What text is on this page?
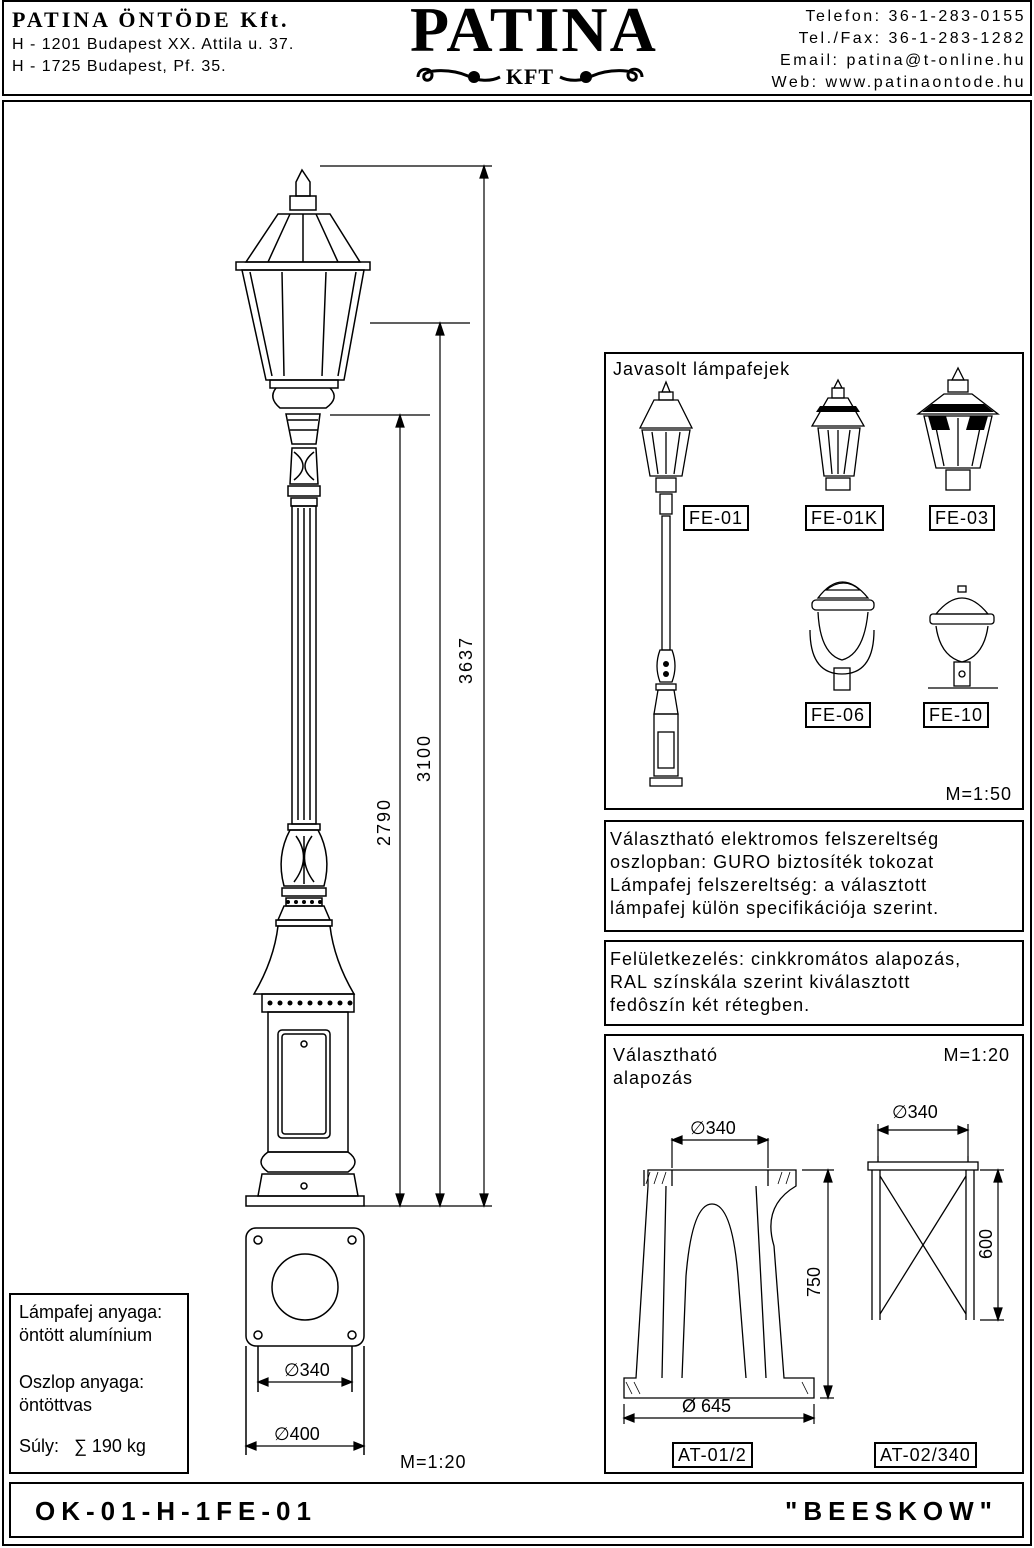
PATINA ÖNTÖDE Kft.
H - 1201 Budapest XX. Attila u. 37.
H - 1725 Budapest, Pf. 35.
PATINA
KFT
Telefon: 36-1-283-0155
Tel./Fax: 36-1-283-1282
Email: patina@t-online.hu
Web: www.patinaontode.hu
3637
3100
2790
∅340
∅400
M=1:20
Lámpafej anyaga:
öntött alumínium
Oszlop anyaga:
öntöttvas
Súly:   ∑ 190 kg
Javasolt lámpafejek
FE-01	FE-01K	FE-03
FE-06	FE-10
M=1:50
Választható elektromos felszereltség
oszlopban: GURO biztosíték tokozat
Lámpafej felszereltség: a választott
lámpafej külön specifikációja szerint.
Felületkezelés: cinkkromátos alapozás,
RAL színskála szerint kiválasztott
fedôszín két rétegben.
Választható
alapozás
M=1:20
∅340
750
Ø 645
∅340
600
AT-01/2	AT-02/340
OK-01-H-1FE-01	"BEESKOW"
